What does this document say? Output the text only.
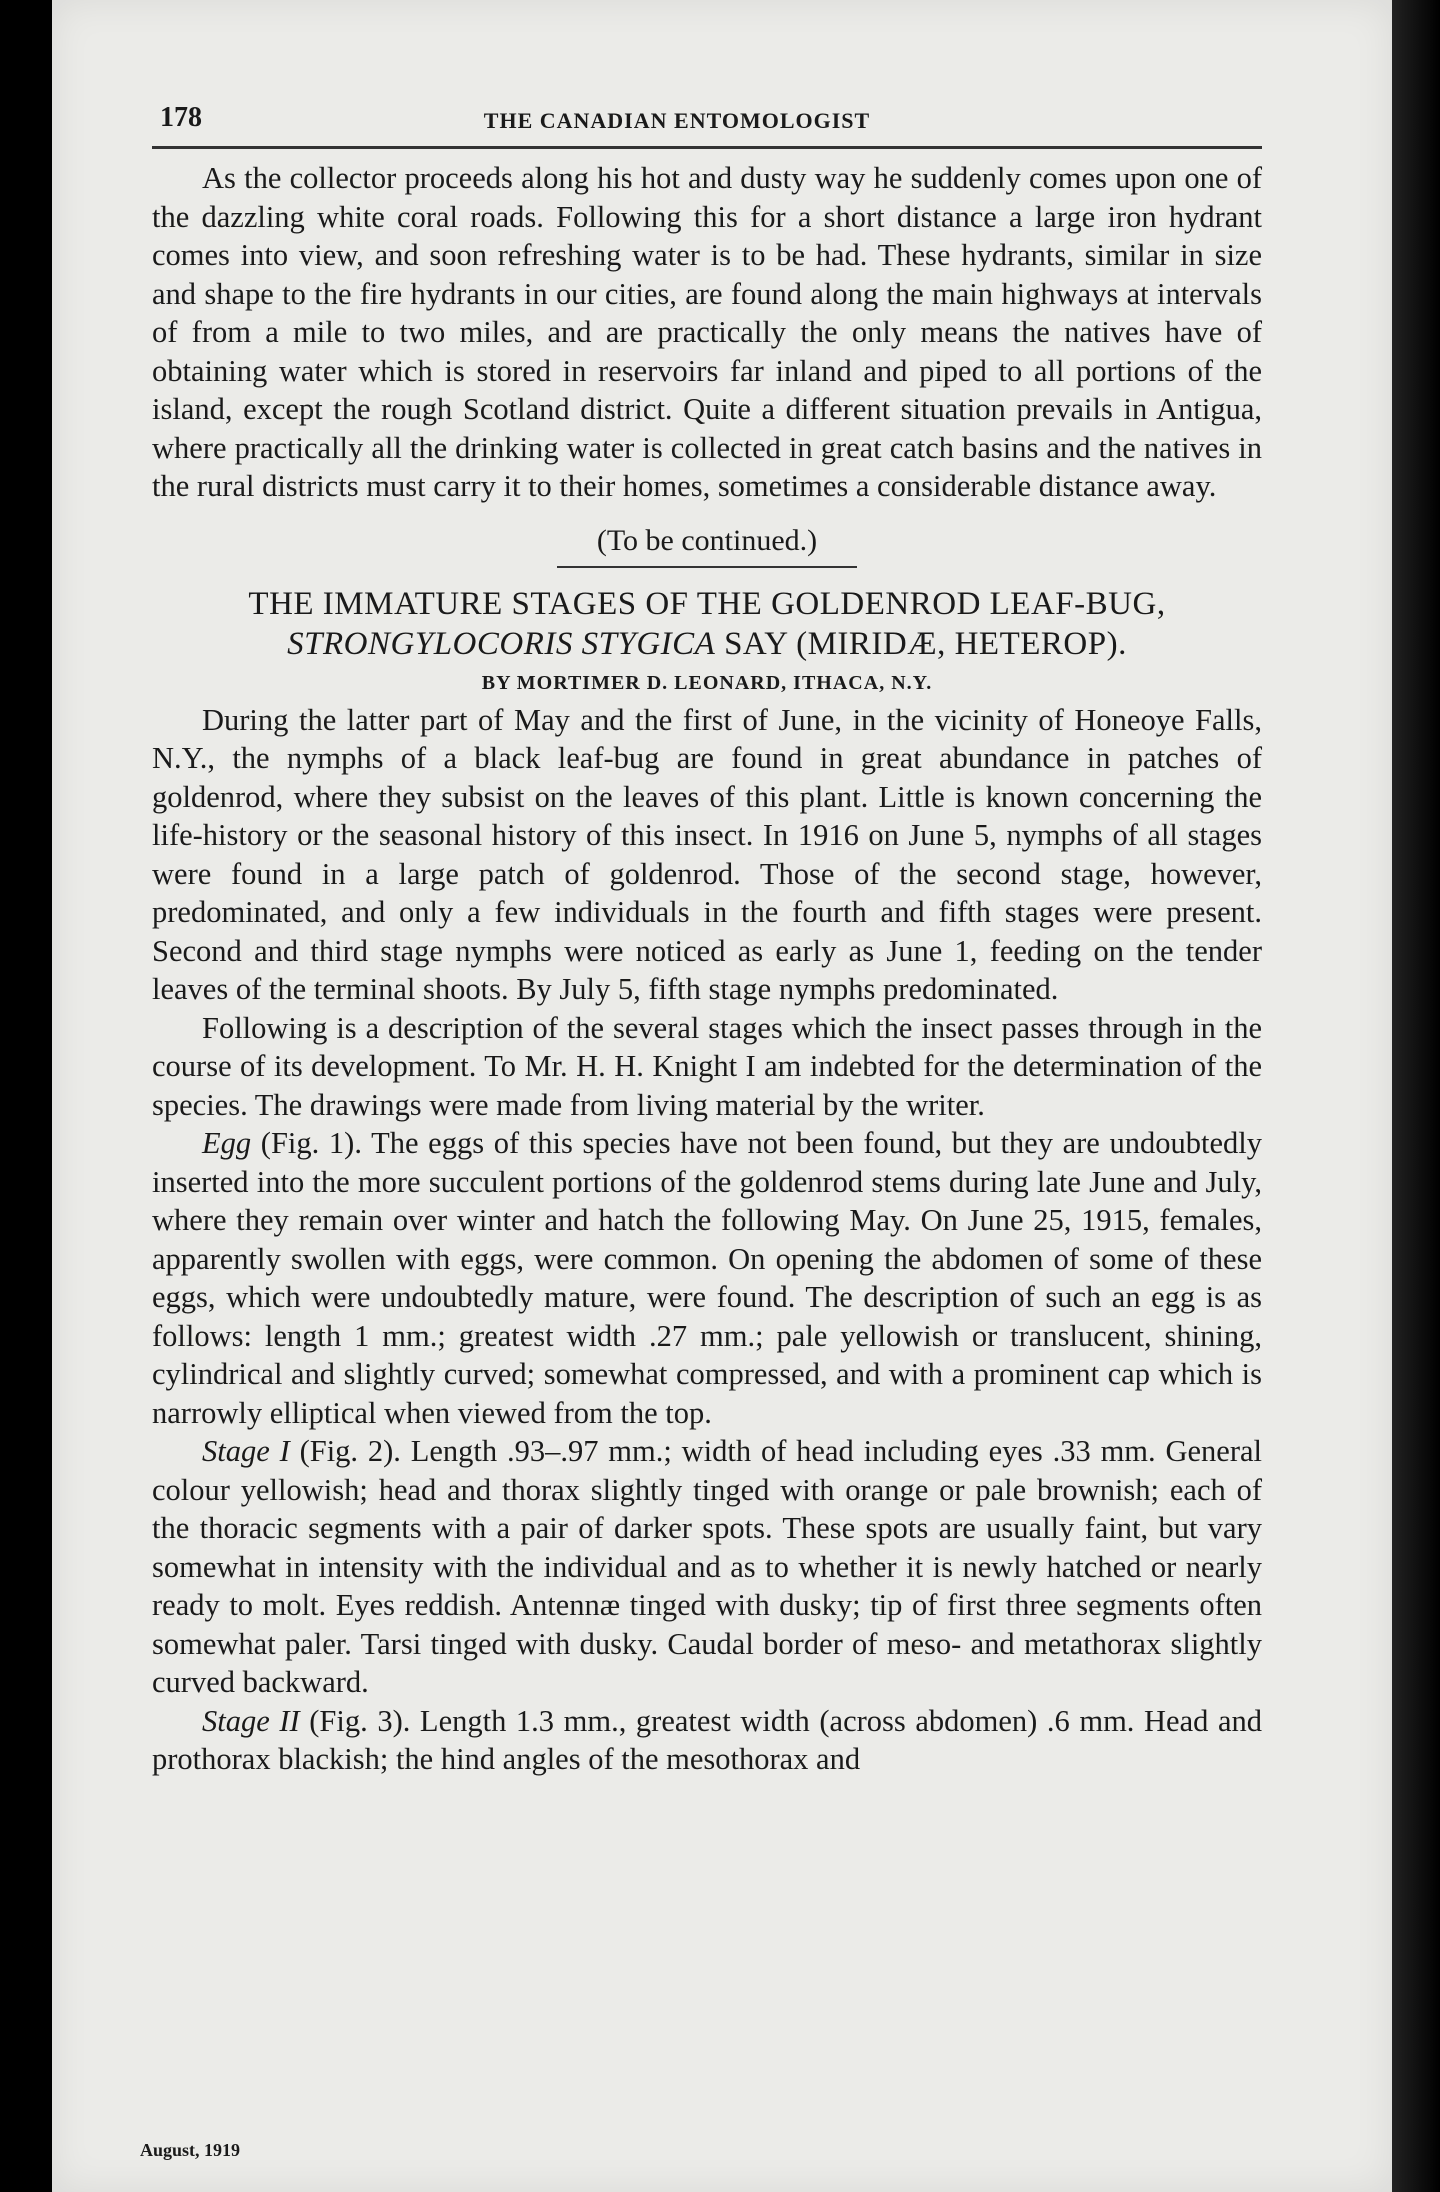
178	THE CANADIAN ENTOMOLOGIST

As the collector proceeds along his hot and dusty way he suddenly comes upon one of the dazzling white coral roads. Following this for a short distance a large iron hydrant comes into view, and soon refreshing water is to be had. These hydrants, similar in size and shape to the fire hydrants in our cities, are found along the main highways at intervals of from a mile to two miles, and are practically the only means the natives have of obtaining water which is stored in reservoirs far inland and piped to all portions of the island, except the rough Scotland district. Quite a different situation prevails in Antigua, where practically all the drinking water is collected in great catch basins and the natives in the rural districts must carry it to their homes, sometimes a considerable distance away.

(To be continued.)
THE IMMATURE STAGES OF THE GOLDENROD LEAF-BUG,
STRONGYLOCORIS STYGICA SAY (MIRIDÆ, HETEROP).
BY MORTIMER D. LEONARD, ITHACA, N.Y.

During the latter part of May and the first of June, in the vicinity of Honeoye Falls, N.Y., the nymphs of a black leaf-bug are found in great abundance in patches of goldenrod, where they subsist on the leaves of this plant. Little is known concerning the life-history or the seasonal history of this insect. In 1916 on June 5, nymphs of all stages were found in a large patch of goldenrod. Those of the second stage, however, predominated, and only a few individuals in the fourth and fifth stages were present. Second and third stage nymphs were noticed as early as June 1, feeding on the tender leaves of the terminal shoots. By July 5, fifth stage nymphs predominated.

Following is a description of the several stages which the insect passes through in the course of its development. To Mr. H. H. Knight I am indebted for the determination of the species. The drawings were made from living material by the writer.

Egg (Fig. 1). The eggs of this species have not been found, but they are undoubtedly inserted into the more succulent portions of the goldenrod stems during late June and July, where they remain over winter and hatch the following May. On June 25, 1915, females, apparently swollen with eggs, were common. On opening the abdomen of some of these eggs, which were undoubtedly mature, were found. The description of such an egg is as follows: length 1 mm.; greatest width .27 mm.; pale yellowish or translucent, shining, cylindrical and slightly curved; somewhat compressed, and with a prominent cap which is narrowly elliptical when viewed from the top.

Stage I (Fig. 2). Length .93–.97 mm.; width of head including eyes .33 mm. General colour yellowish; head and thorax slightly tinged with orange or pale brownish; each of the thoracic segments with a pair of darker spots. These spots are usually faint, but vary somewhat in intensity with the individual and as to whether it is newly hatched or nearly ready to molt. Eyes reddish. Antennæ tinged with dusky; tip of first three segments often somewhat paler. Tarsi tinged with dusky. Caudal border of meso- and metathorax slightly curved backward.

Stage II (Fig. 3). Length 1.3 mm., greatest width (across abdomen) .6 mm. Head and prothorax blackish; the hind angles of the mesothorax and

August, 1919
